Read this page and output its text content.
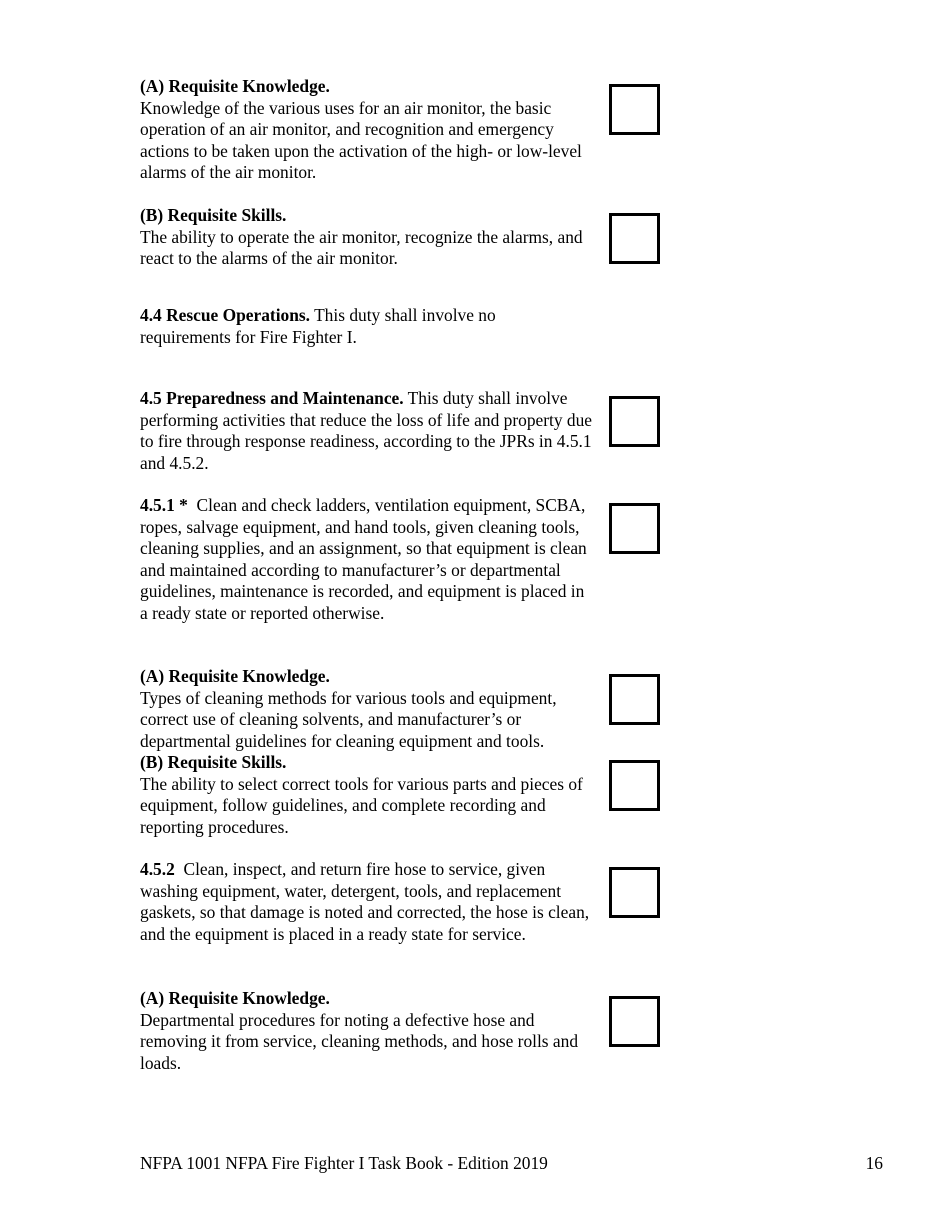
(A) Requisite Knowledge.
Knowledge of the various uses for an air monitor, the basic operation of an air monitor, and recognition and emergency actions to be taken upon the activation of the high- or low-level alarms of the air monitor.
(B) Requisite Skills.
The ability to operate the air monitor, recognize the alarms, and react to the alarms of the air monitor.
4.4 Rescue Operations. This duty shall involve no requirements for Fire Fighter I.
4.5 Preparedness and Maintenance. This duty shall involve performing activities that reduce the loss of life and property due to fire through response readiness, according to the JPRs in 4.5.1 and 4.5.2.
4.5.1 *  Clean and check ladders, ventilation equipment, SCBA, ropes, salvage equipment, and hand tools, given cleaning tools, cleaning supplies, and an assignment, so that equipment is clean and maintained according to manufacturer’s or departmental guidelines, maintenance is recorded, and equipment is placed in a ready state or reported otherwise.
(A) Requisite Knowledge.
Types of cleaning methods for various tools and equipment, correct use of cleaning solvents, and manufacturer’s or departmental guidelines for cleaning equipment and tools.
(B) Requisite Skills.
The ability to select correct tools for various parts and pieces of equipment, follow guidelines, and complete recording and reporting procedures.
4.5.2  Clean, inspect, and return fire hose to service, given washing equipment, water, detergent, tools, and replacement gaskets, so that damage is noted and corrected, the hose is clean, and the equipment is placed in a ready state for service.
(A) Requisite Knowledge.
Departmental procedures for noting a defective hose and removing it from service, cleaning methods, and hose rolls and loads.
NFPA 1001 NFPA Fire Fighter I Task Book - Edition 2019	16
